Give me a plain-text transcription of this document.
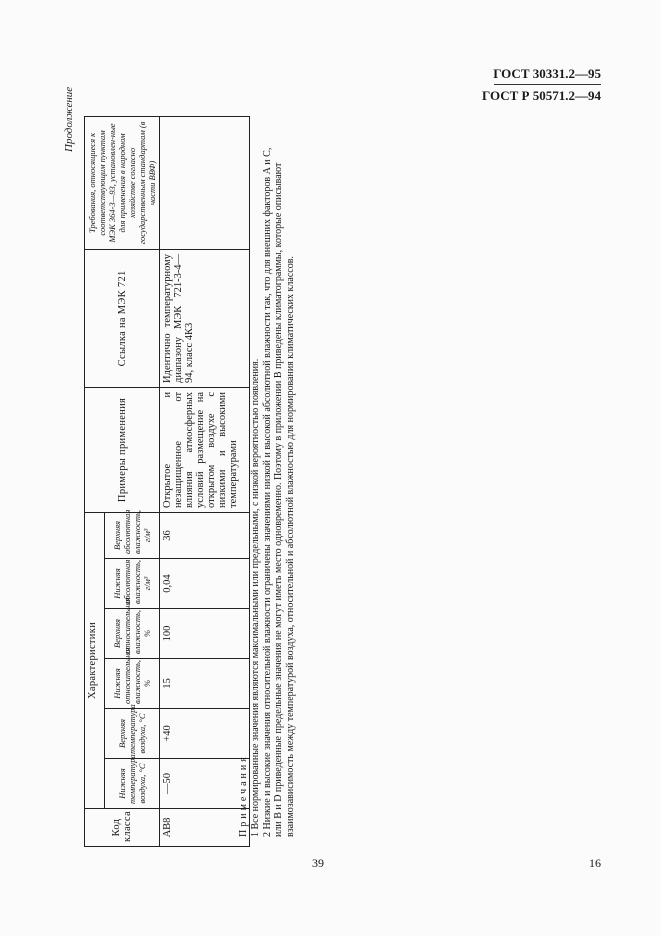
ГОСТ 30331.2—95
ГОСТ Р 50571.2—94
Продолжение
Код класса	Характеристики						Примеры применения	Ссылка на МЭК 721	Требования, относящиеся к соответствующим пунктам МЭК 364-3—93, установлен-ные для применения в народном хозяйстве согласно государственным стандартам (в части ВВФ)
	Нижняя температура воздуха, °С	Верхняя температура воздуха, °С	Нижняя относительная влажность, %	Верхняя относительная влажность, %	Нижняя абсолютная влажность, г/м³	Верхняя абсолютная влажность, г/м³			
АВ8	—50	+40	15	100	0,04	36	Открытое и незащищенное от влияния атмосферных условий размещение на открытом воздухе с низкими и высокими температурами	Идентично температурному диапазону МЭК 721-3-4—94, класс 4К3	

Примечания 1 Все нормированные значения являются максимальными или предельными, с низкой вероятностью появления. 2 Низкие и высокие значения относительной влажности ограничены значениями низкой и высокой абсолютной влажности так, что для внешних факторов А и С, или В и D приведенные предельные значения не могут иметь место одновременно. Поэтому в приложении В приведены климатограммы, которые описывают взаимозависимость между температурой воздуха, относительной и абсолютной влажностью для нормирования климатических классов.

39	16
